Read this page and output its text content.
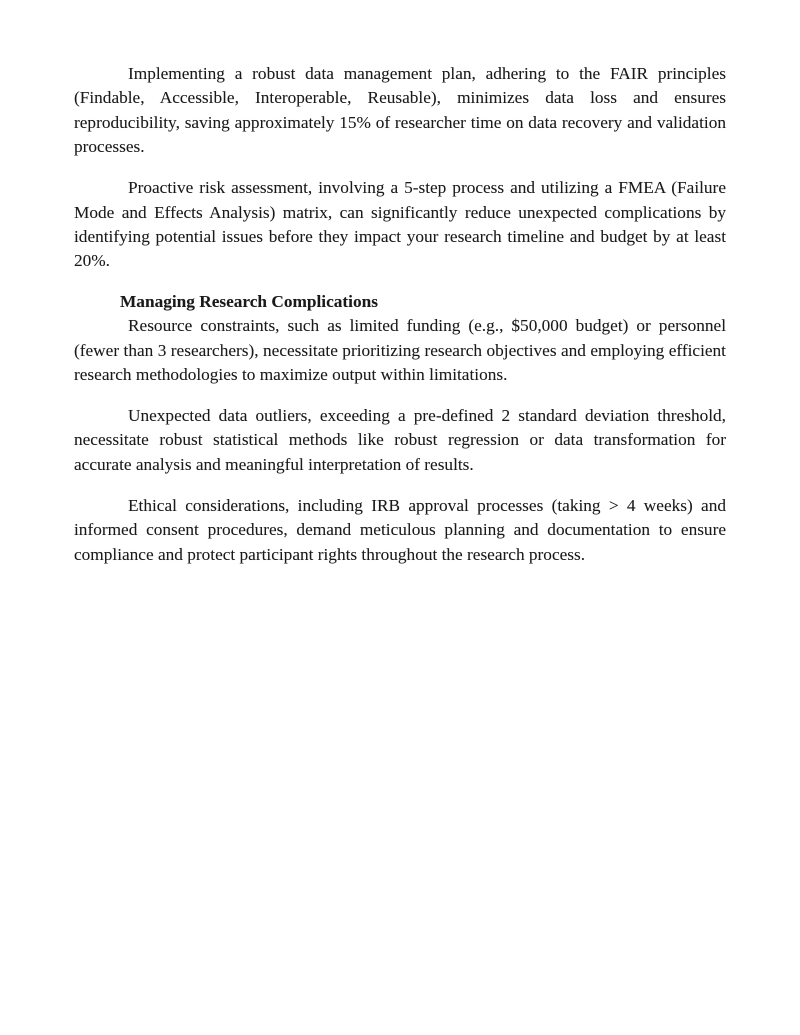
Implementing a robust data management plan, adhering to the FAIR principles (Findable, Accessible, Interoperable, Reusable), minimizes data loss and ensures reproducibility, saving approximately 15% of researcher time on data recovery and validation processes.

Proactive risk assessment, involving a 5-step process and utilizing a FMEA (Failure Mode and Effects Analysis) matrix, can significantly reduce unexpected complications by identifying potential issues before they impact your research timeline and budget by at least 20%.

Managing Research Complications

Resource constraints, such as limited funding (e.g., $50,000 budget) or personnel (fewer than 3 researchers), necessitate prioritizing research objectives and employing efficient research methodologies to maximize output within limitations.

Unexpected data outliers, exceeding a pre-defined 2 standard deviation threshold, necessitate robust statistical methods like robust regression or data transformation for accurate analysis and meaningful interpretation of results.

Ethical considerations, including IRB approval processes (taking > 4 weeks) and informed consent procedures, demand meticulous planning and documentation to ensure compliance and protect participant rights throughout the research process.
